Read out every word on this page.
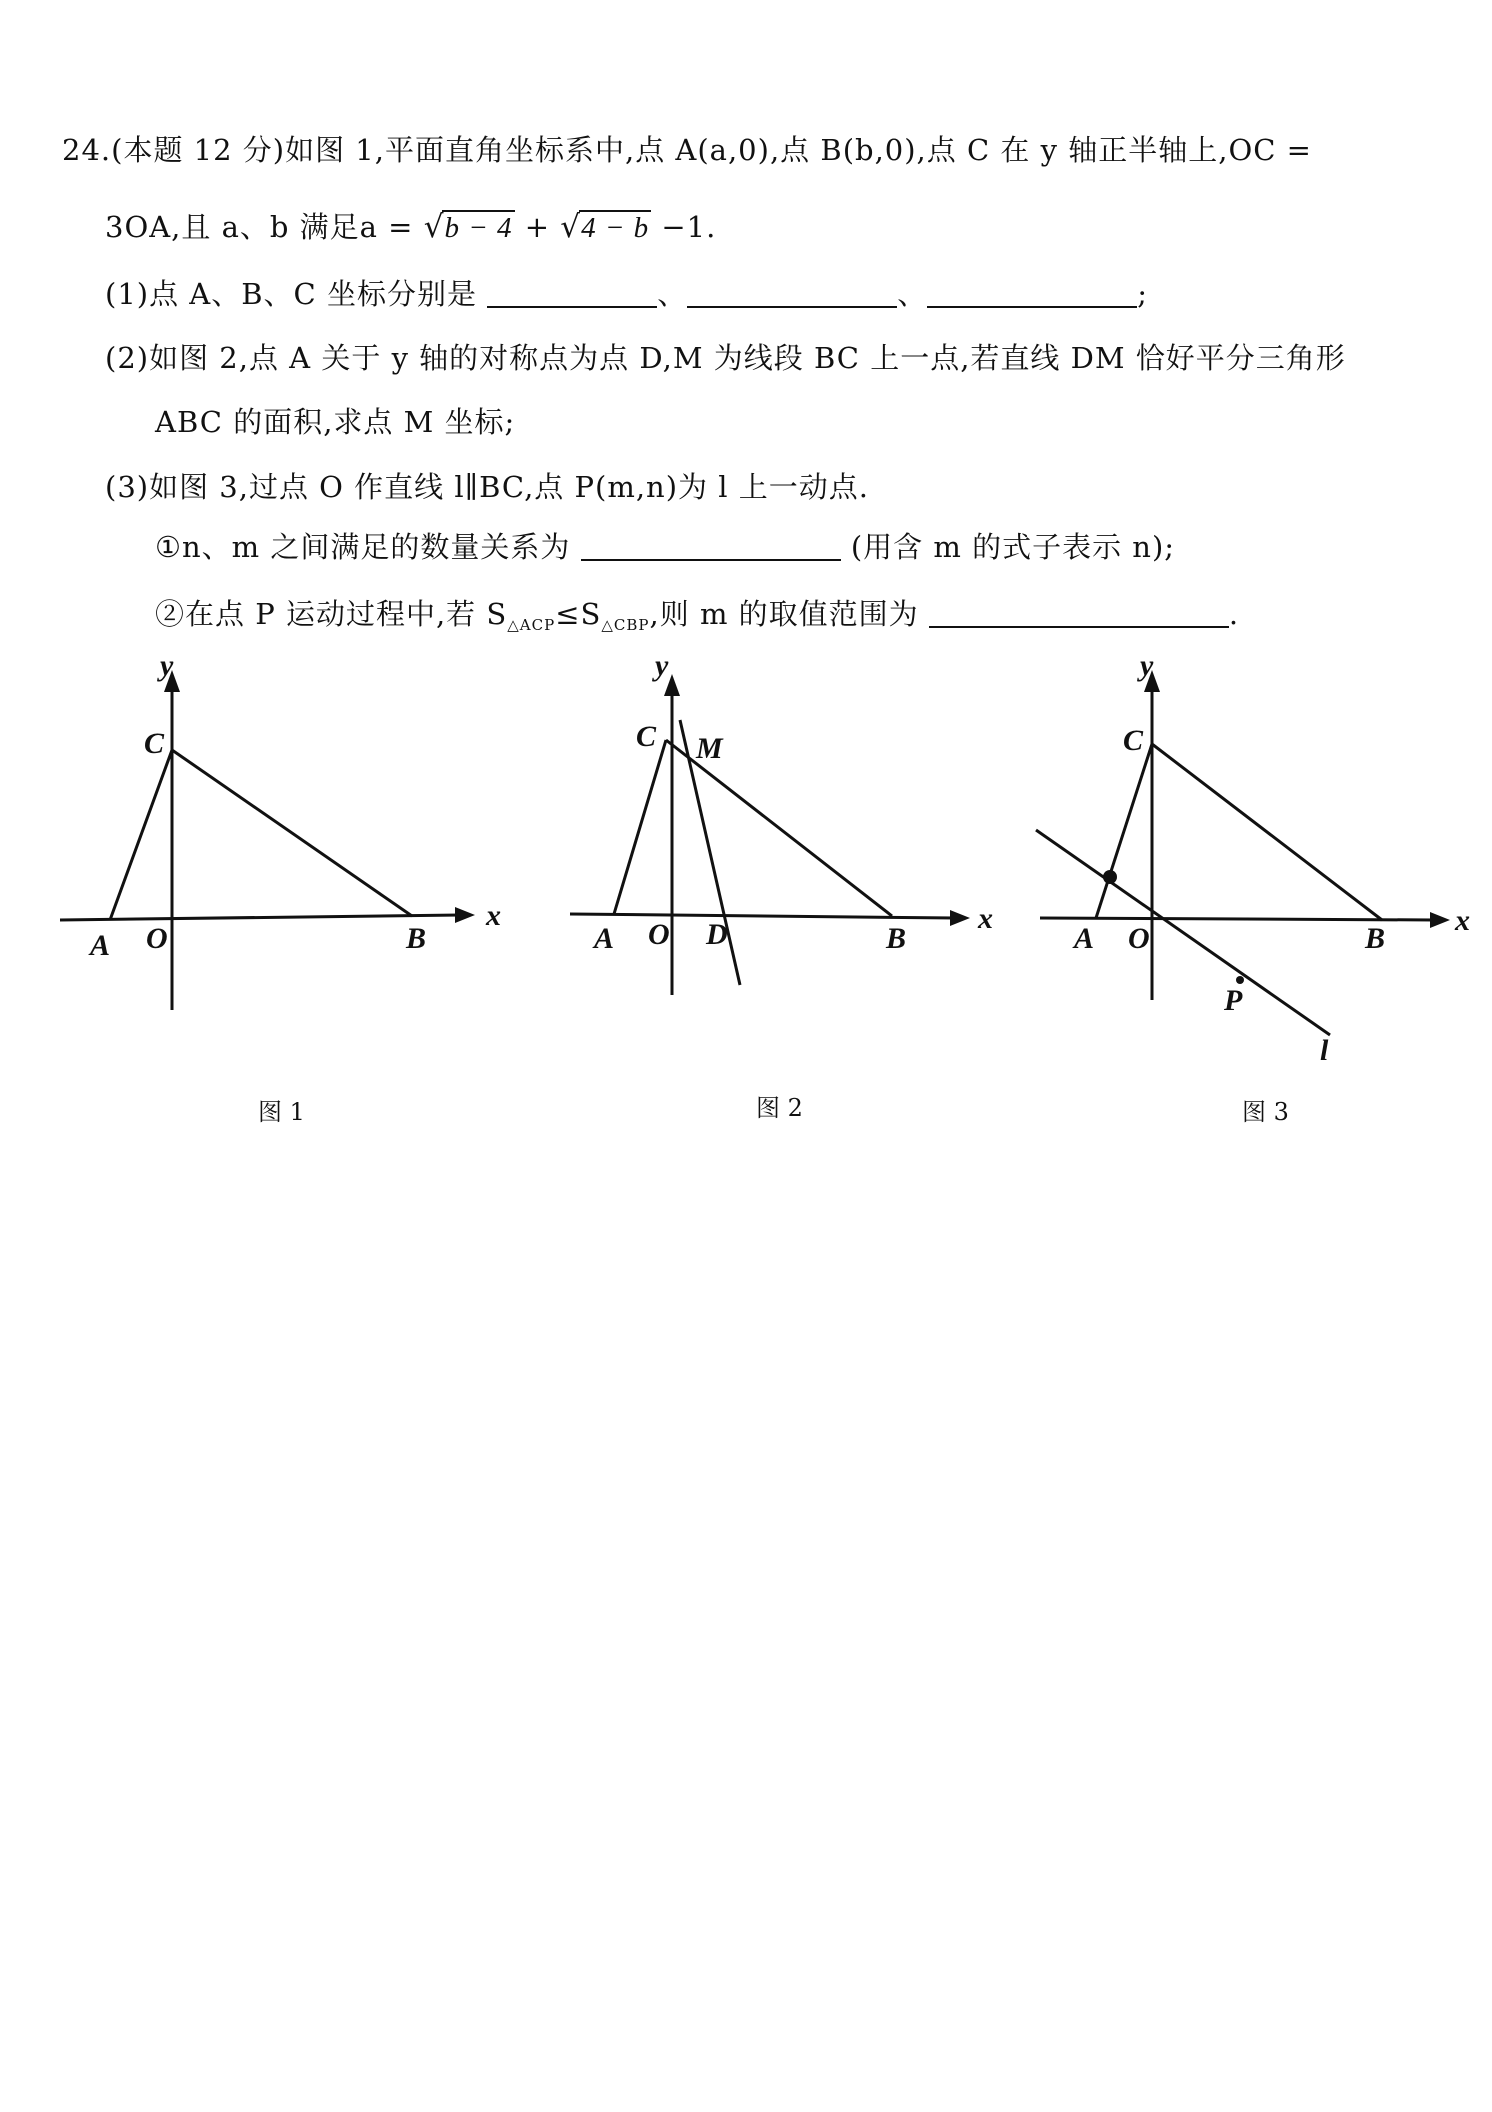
24.(本题 12 分)如图 1,平面直角坐标系中,点 A(a,0),点 B(b,0),点 C 在 y 轴正半轴上,OC =
3OA,且 a、b 满足a = √b − 4 + √4 − b −1.
(1)点 A、B、C 坐标分别是	、	、	;
(2)如图 2,点 A 关于 y 轴的对称点为点 D,M 为线段 BC 上一点,若直线 DM 恰好平分三角形
ABC 的面积,求点 M 坐标;
(3)如图 3,过点 O 作直线 l∥BC,点 P(m,n)为 l 上一动点.
①n、m 之间满足的数量关系为	(用含 m 的式子表示 n);
②在点 P 运动过程中,若 $S_{\triangle ACP}\le S_{\triangle CBP}$,则 m 的取值范围为	.
y
x
C
A O	B
图 1
y
x
C M
A O D	B
图 2
y
x
C
A O	B
P
l
图 3
